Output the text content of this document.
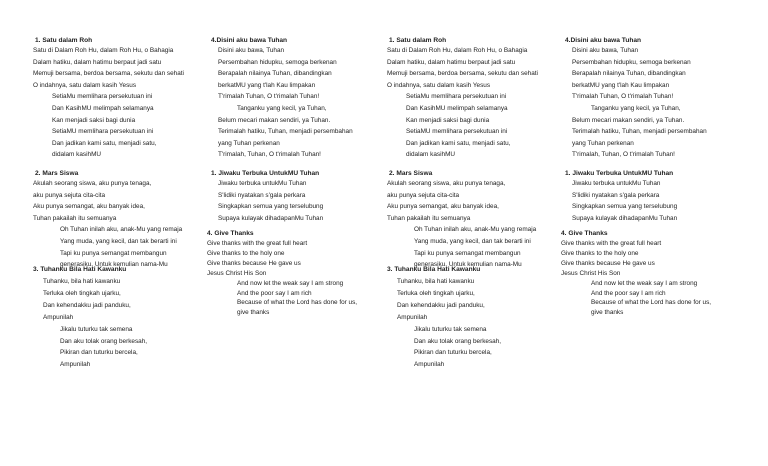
1. Satu dalam Roh
Satu di Dalam Roh Hu, dalam Roh Hu, o Bahagia
Dalam hatiku, dalam hatimu berpaut jadi satu
Memuji bersama, berdoa bersama, sekutu dan sehati
O indahnya, satu dalam kasih Yesus
SetiaMu memlihara persekutuan ini
Dan KasihMU melimpah selamanya
Kan menjadi saksi bagi dunia
SetiaMU memlihara persekutuan ini
Dan jadikan kami satu, menjadi satu,
didalam kasihMU
4.Disini aku bawa Tuhan
Disini aku bawa, Tuhan
Persembahan hidupku, semoga berkenan
Berapalah nilainya Tuhan, dibandingkan
berkatMU yang t'lah Kau limpakan
T'rimalah Tuhan, O t'rimalah Tuhan!
Tanganku yang kecil, ya Tuhan,
Belum mecari makan sendiri, ya Tuhan.
Terimalah hatiku, Tuhan, menjadi persembahan
yang Tuhan perkenan
T'rimalah, Tuhan, O t'rimalah Tuhan!
2. Mars Siswa
Akulah seorang siswa, aku punya tenaga,
aku punya sejuta cita-cita
Aku punya semangat, aku banyak idea,
Tuhan pakailah itu semuanya
Oh Tuhan inilah aku, anak-Mu yang remaja
Yang muda, yang kecil, dan tak berarti ini
Tapi ku punya semangat membangun
generasiku, Untuk kemulian nama-Mu
1. Jiwaku Terbuka UntukMU Tuhan
Jiwaku terbuka untukMu Tuhan
S'lidiki nyatakan s'gala perkara
Singkapkan semua yang terselubung
Supaya kulayak dihadapanMu Tuhan
3. Tuhanku Bila Hati Kawanku
Tuhanku, bila hati kawanku
Terluka oleh tingkah ujarku,
Dan kehendakku jadi panduku,
Ampunilah
Jikalu tuturku tak semena
Dan aku tolak orang berkesah,
Pikiran dan tuturku bercela,
Ampunilah
4. Give Thanks
Give thanks with the great full heart
Give thanks to the holy one
Give thanks because He gave us
Jesus Christ His Son
And now let the weak say I am strong
And the poor say I am rich
Because of what the Lord has done for us,
give thanks
1. Satu dalam Roh
Satu di Dalam Roh Hu, dalam Roh Hu, o Bahagia
Dalam hatiku, dalam hatimu berpaut jadi satu
Memuji bersama, berdoa bersama, sekutu dan sehati
O indahnya, satu dalam kasih Yesus
SetiaMu memlihara persekutuan ini
Dan KasihMU melimpah selamanya
Kan menjadi saksi bagi dunia
SetiaMU memlihara persekutuan ini
Dan jadikan kami satu, menjadi satu,
didalam kasihMU
4.Disini aku bawa Tuhan
Disini aku bawa, Tuhan
Persembahan hidupku, semoga berkenan
Berapalah nilainya Tuhan, dibandingkan
berkatMU yang t'lah Kau limpakan
T'rimalah Tuhan, O t'rimalah Tuhan!
Tanganku yang kecil, ya Tuhan,
Belum mecari makan sendiri, ya Tuhan.
Terimalah hatiku, Tuhan, menjadi persembahan
yang Tuhan perkenan
T'rimalah, Tuhan, O t'rimalah Tuhan!
2. Mars Siswa
Akulah seorang siswa, aku punya tenaga,
aku punya sejuta cita-cita
Aku punya semangat, aku banyak idea,
Tuhan pakailah itu semuanya
Oh Tuhan inilah aku, anak-Mu yang remaja
Yang muda, yang kecil, dan tak berarti ini
Tapi ku punya semangat membangun
generasiku, Untuk kemulian nama-Mu
1. Jiwaku Terbuka UntukMU Tuhan
Jiwaku terbuka untukMu Tuhan
S'lidiki nyatakan s'gala perkara
Singkapkan semua yang terselubung
Supaya kulayak dihadapanMu Tuhan
3. Tuhanku Bila Hati Kawanku
Tuhanku, bila hati kawanku
Terluka oleh tingkah ujarku,
Dan kehendakku jadi panduku,
Ampunilah
Jikalu tuturku tak semena
Dan aku tolak orang berkesah,
Pikiran dan tuturku bercela,
Ampunilah
4. Give Thanks
Give thanks with the great full heart
Give thanks to the holy one
Give thanks because He gave us
Jesus Christ His Son
And now let the weak say I am strong
And the poor say I am rich
Because of what the Lord has done for us,
give thanks
